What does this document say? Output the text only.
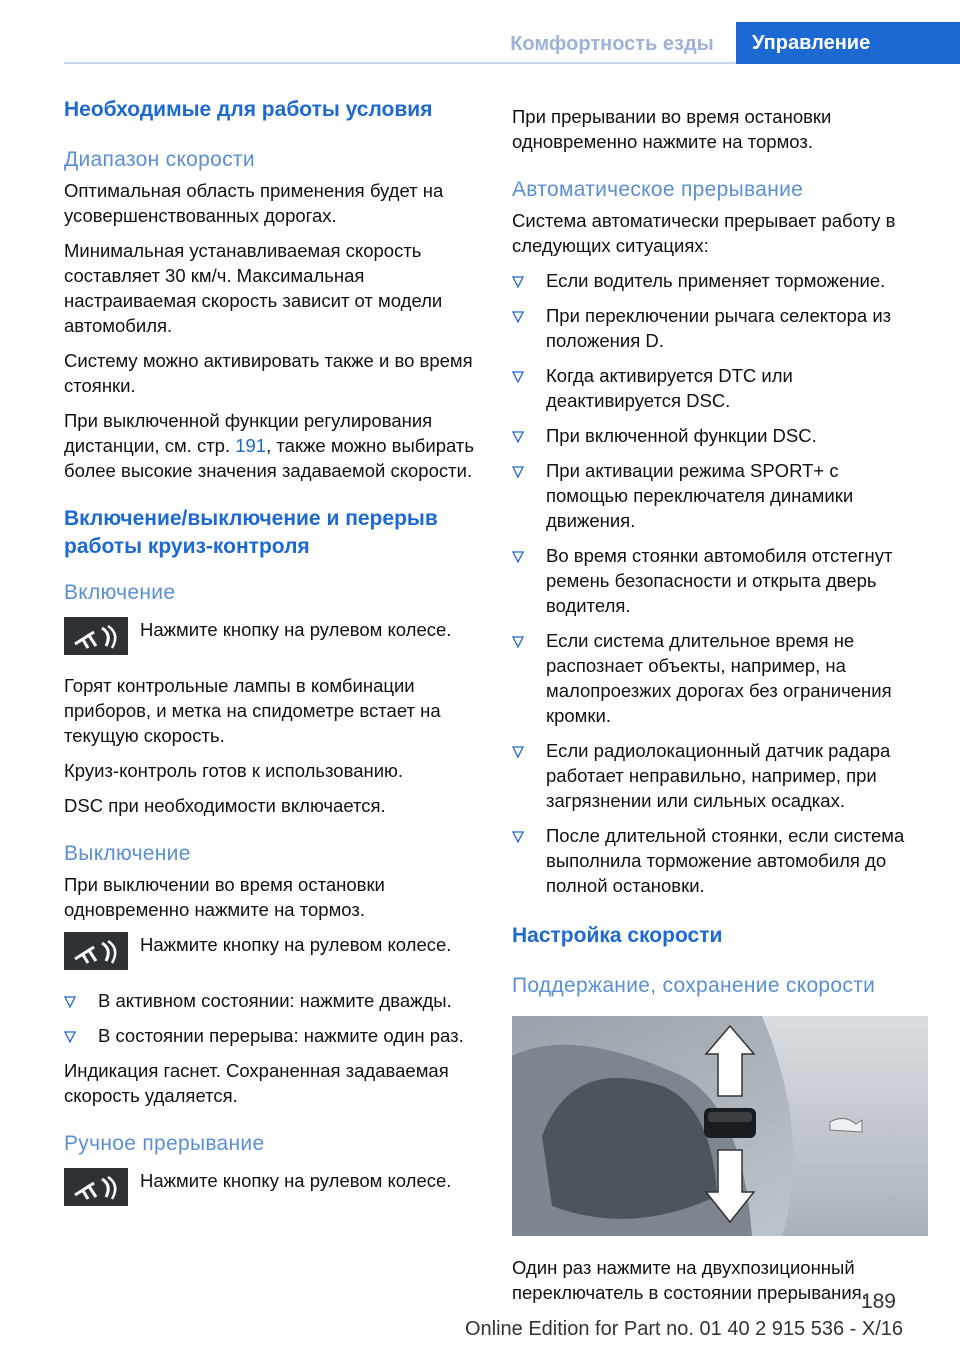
Комфортность езды	Управление
Необходимые для работы условия
Диапазон скорости

Оптимальная область применения будет на усовершенствованных дорогах.

Минимальная устанавливаемая скорость составляет 30 км/ч. Максимальная настраиваемая скорость зависит от модели автомобиля.

Систему можно активировать также и во время стоянки.

При выключенной функции регулирования дистанции, см. стр. 191, также можно выбирать более высокие значения задаваемой скорости.

Включение/выключение и перерыв работы круиз-контроля
Включение

Нажмите кнопку на рулевом колесе.

Горят контрольные лампы в комбинации приборов, и метка на спидометре встает на текущую скорость.

Круиз-контроль готов к использованию.

DSC при необходимости включается.

Выключение

При выключении во время остановки одновременно нажмите на тормоз.

Нажмите кнопку на рулевом колесе.

В активном состоянии: нажмите дважды.
В состоянии перерыва: нажмите один раз.

Индикация гаснет. Сохраненная задаваемая скорость удаляется.

Ручное прерывание

Нажмите кнопку на рулевом колесе.

При прерывании во время остановки одновременно нажмите на тормоз.

Автоматическое прерывание

Система автоматически прерывает работу в следующих ситуациях:

Если водитель применяет торможение.
При переключении рычага селектора из положения D.
Когда активируется DTC или деактивируется DSC.
При включенной функции DSC.
При активации режима SPORT+ с помощью переключателя динамики движения.
Во время стоянки автомобиля отстегнут ремень безопасности и открыта дверь водителя.
Если система длительное время не распознает объекты, например, на малопроезжих дорогах без ограничения кромки.
Если радиолокационный датчик радара работает неправильно, например, при загрязнении или сильных осадках.
После длительной стоянки, если система выполнила торможение автомобиля до полной остановки.
Настройка скорости
Поддержание, сохранение скорости

Один раз нажмите на двухпозиционный переключатель в состоянии прерывания.

189
Online Edition for Part no. 01 40 2 915 536 - X/16
